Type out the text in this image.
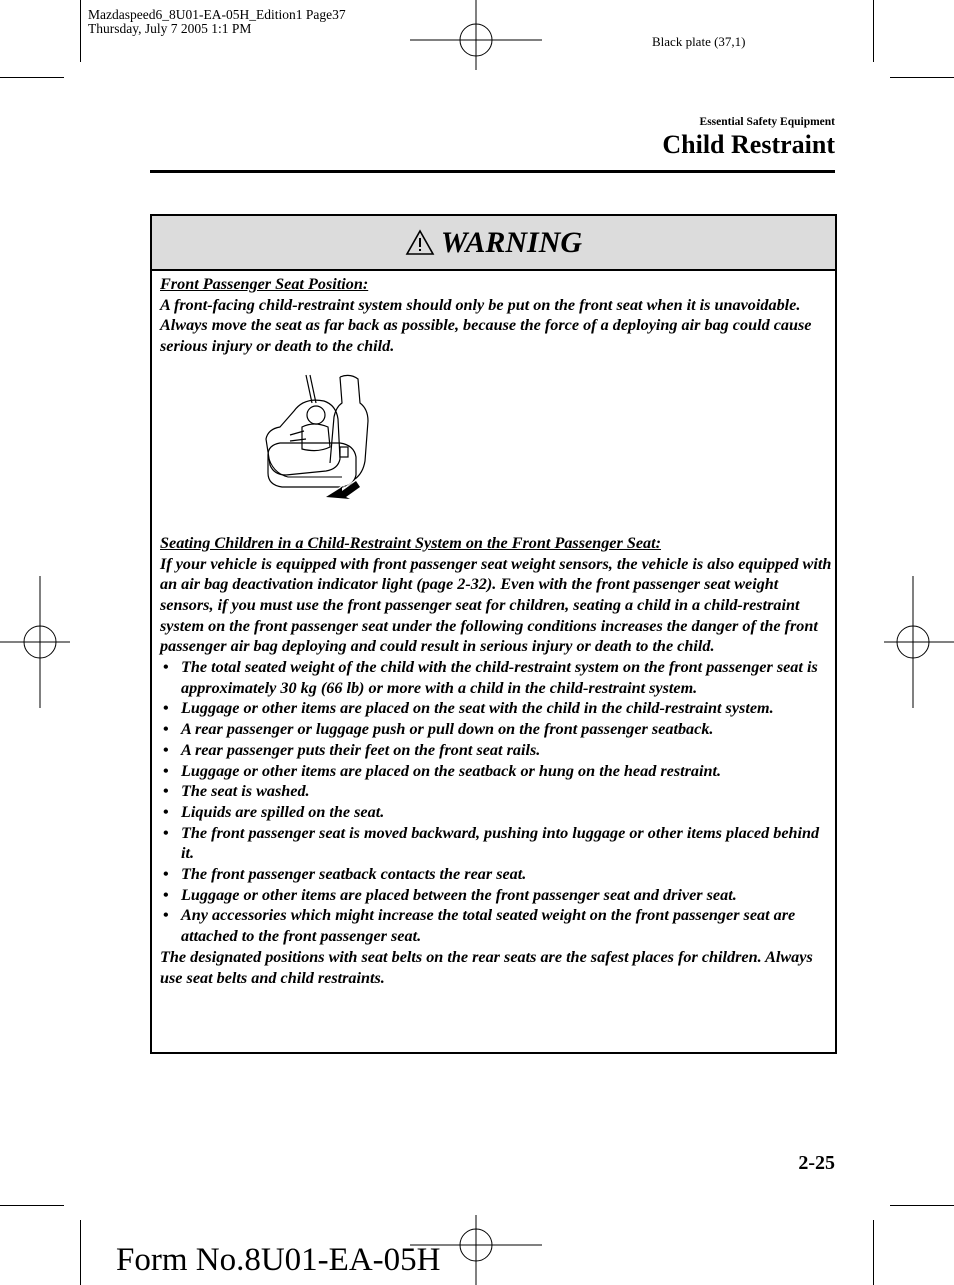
Mazdaspeed6_8U01-EA-05H_Edition1 Page37
Thursday, July 7 2005 1:1 PM
Black plate (37,1)
Essential Safety Equipment
Child Restraint
WARNING

Front Passenger Seat Position:

A front-facing child-restraint system should only be put on the front seat when it is unavoidable. Always move the seat as far back as possible, because the force of a deploying air bag could cause serious injury or death to the child.

Seating Children in a Child-Restraint System on the Front Passenger Seat:

If your vehicle is equipped with front passenger seat weight sensors, the vehicle is also equipped with an air bag deactivation indicator light (page 2-32). Even with the front passenger seat weight sensors, if you must use the front passenger seat for children, seating a child in a child-restraint system on the front passenger seat under the following conditions increases the danger of the front passenger air bag deploying and could result in serious injury or death to the child.

• The total seated weight of the child with the child-restraint system on the front passenger seat is approximately 30 kg (66 lb) or more with a child in the child-restraint system.
• Luggage or other items are placed on the seat with the child in the child-restraint system.
• A rear passenger or luggage push or pull down on the front passenger seatback.
• A rear passenger puts their feet on the front seat rails.
• Luggage or other items are placed on the seatback or hung on the head restraint.
• The seat is washed.
• Liquids are spilled on the seat.
• The front passenger seat is moved backward, pushing into luggage or other items placed behind it.
• The front passenger seatback contacts the rear seat.
• Luggage or other items are placed between the front passenger seat and driver seat.
• Any accessories which might increase the total seated weight on the front passenger seat are attached to the front passenger seat.

The designated positions with seat belts on the rear seats are the safest places for children. Always use seat belts and child restraints.

2-25
Form No.8U01-EA-05H
